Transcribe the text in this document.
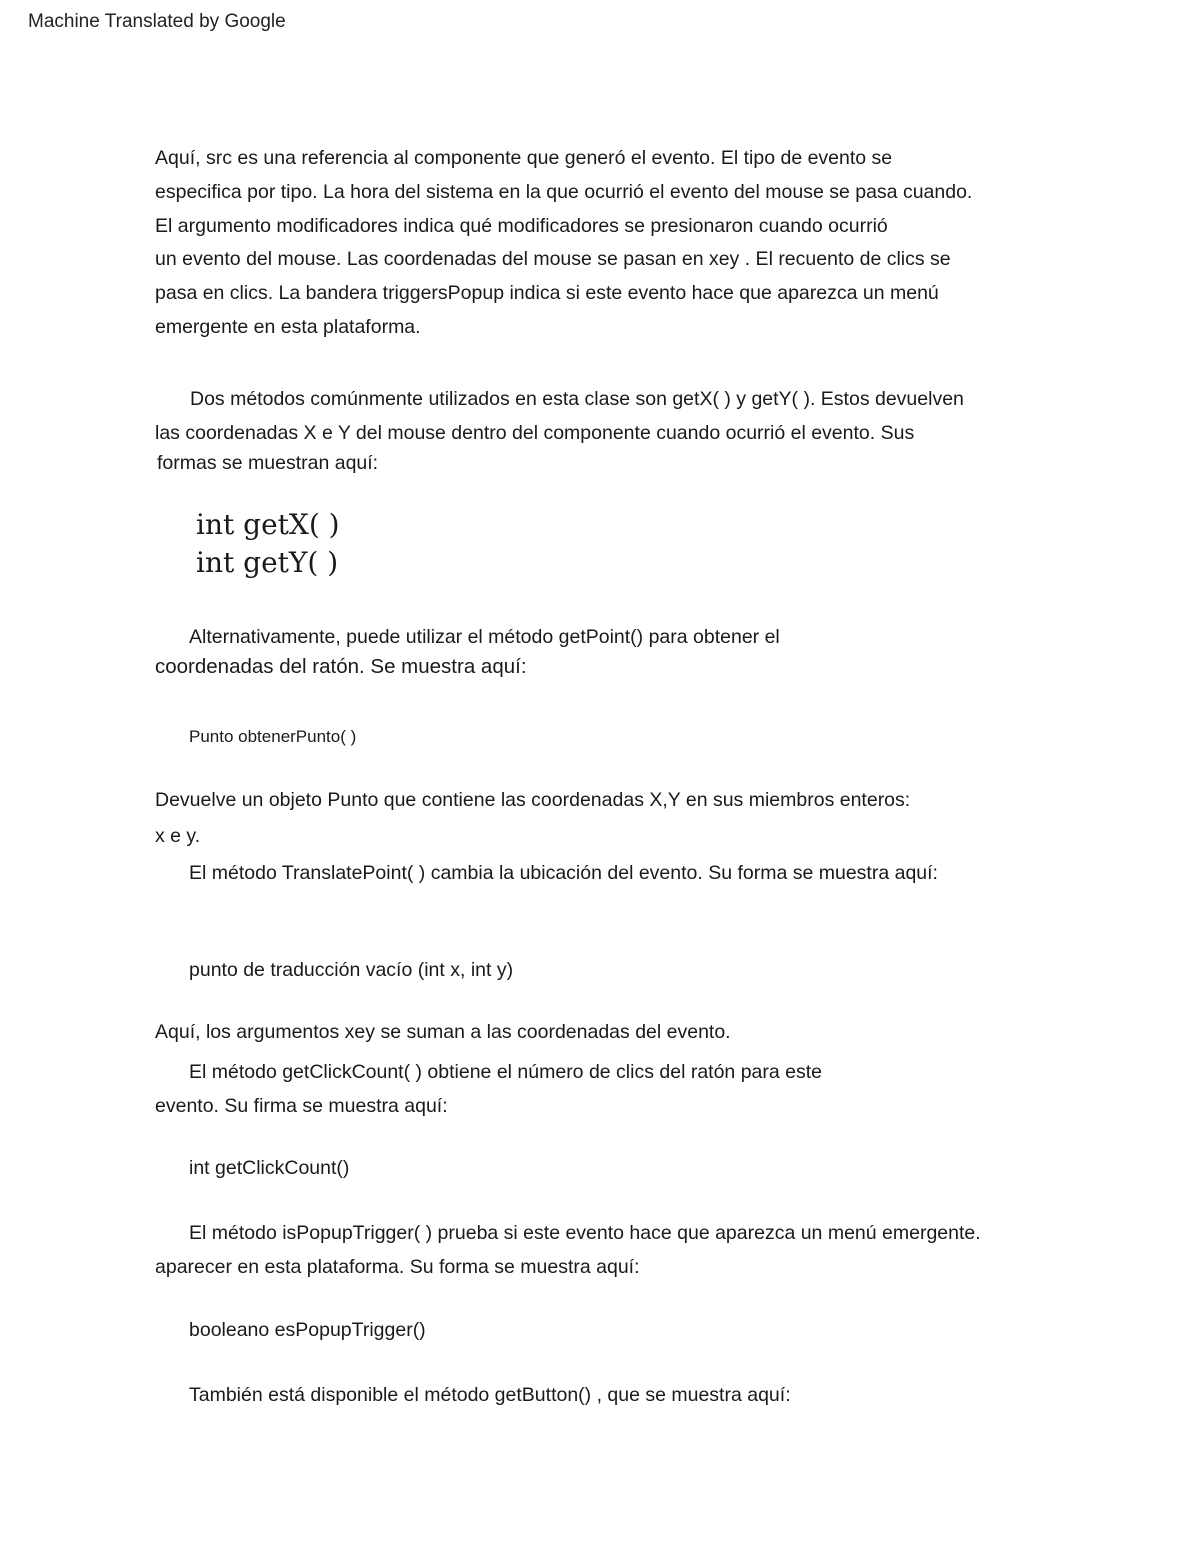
Machine Translated by Google
Aquí, src es una referencia al componente que generó el evento. El tipo de evento se
especifica por tipo. La hora del sistema en la que ocurrió el evento del mouse se pasa cuando.
El argumento modificadores indica qué modificadores se presionaron cuando ocurrió
un evento del mouse. Las coordenadas del mouse se pasan en xey . El recuento de clics se
pasa en clics. La bandera triggersPopup indica si este evento hace que aparezca un menú
emergente en esta plataforma.
Dos métodos comúnmente utilizados en esta clase son getX( ) y getY( ). Estos devuelven
las coordenadas X e Y del mouse dentro del componente cuando ocurrió el evento. Sus
formas se muestran aquí:
int getX( )
int getY( )
Alternativamente, puede utilizar el método getPoint() para obtener el
coordenadas del ratón. Se muestra aquí:
Punto obtenerPunto( )
Devuelve un objeto Punto que contiene las coordenadas X,Y en sus miembros enteros:
x e y.
El método TranslatePoint( ) cambia la ubicación del evento. Su forma se muestra aquí:
punto de traducción vacío (int x, int y)
Aquí, los argumentos xey se suman a las coordenadas del evento.
El método getClickCount( ) obtiene el número de clics del ratón para este
evento. Su firma se muestra aquí:
int getClickCount()
El método isPopupTrigger( ) prueba si este evento hace que aparezca un menú emergente.
aparecer en esta plataforma. Su forma se muestra aquí:
booleano esPopupTrigger()
También está disponible el método getButton() , que se muestra aquí:
